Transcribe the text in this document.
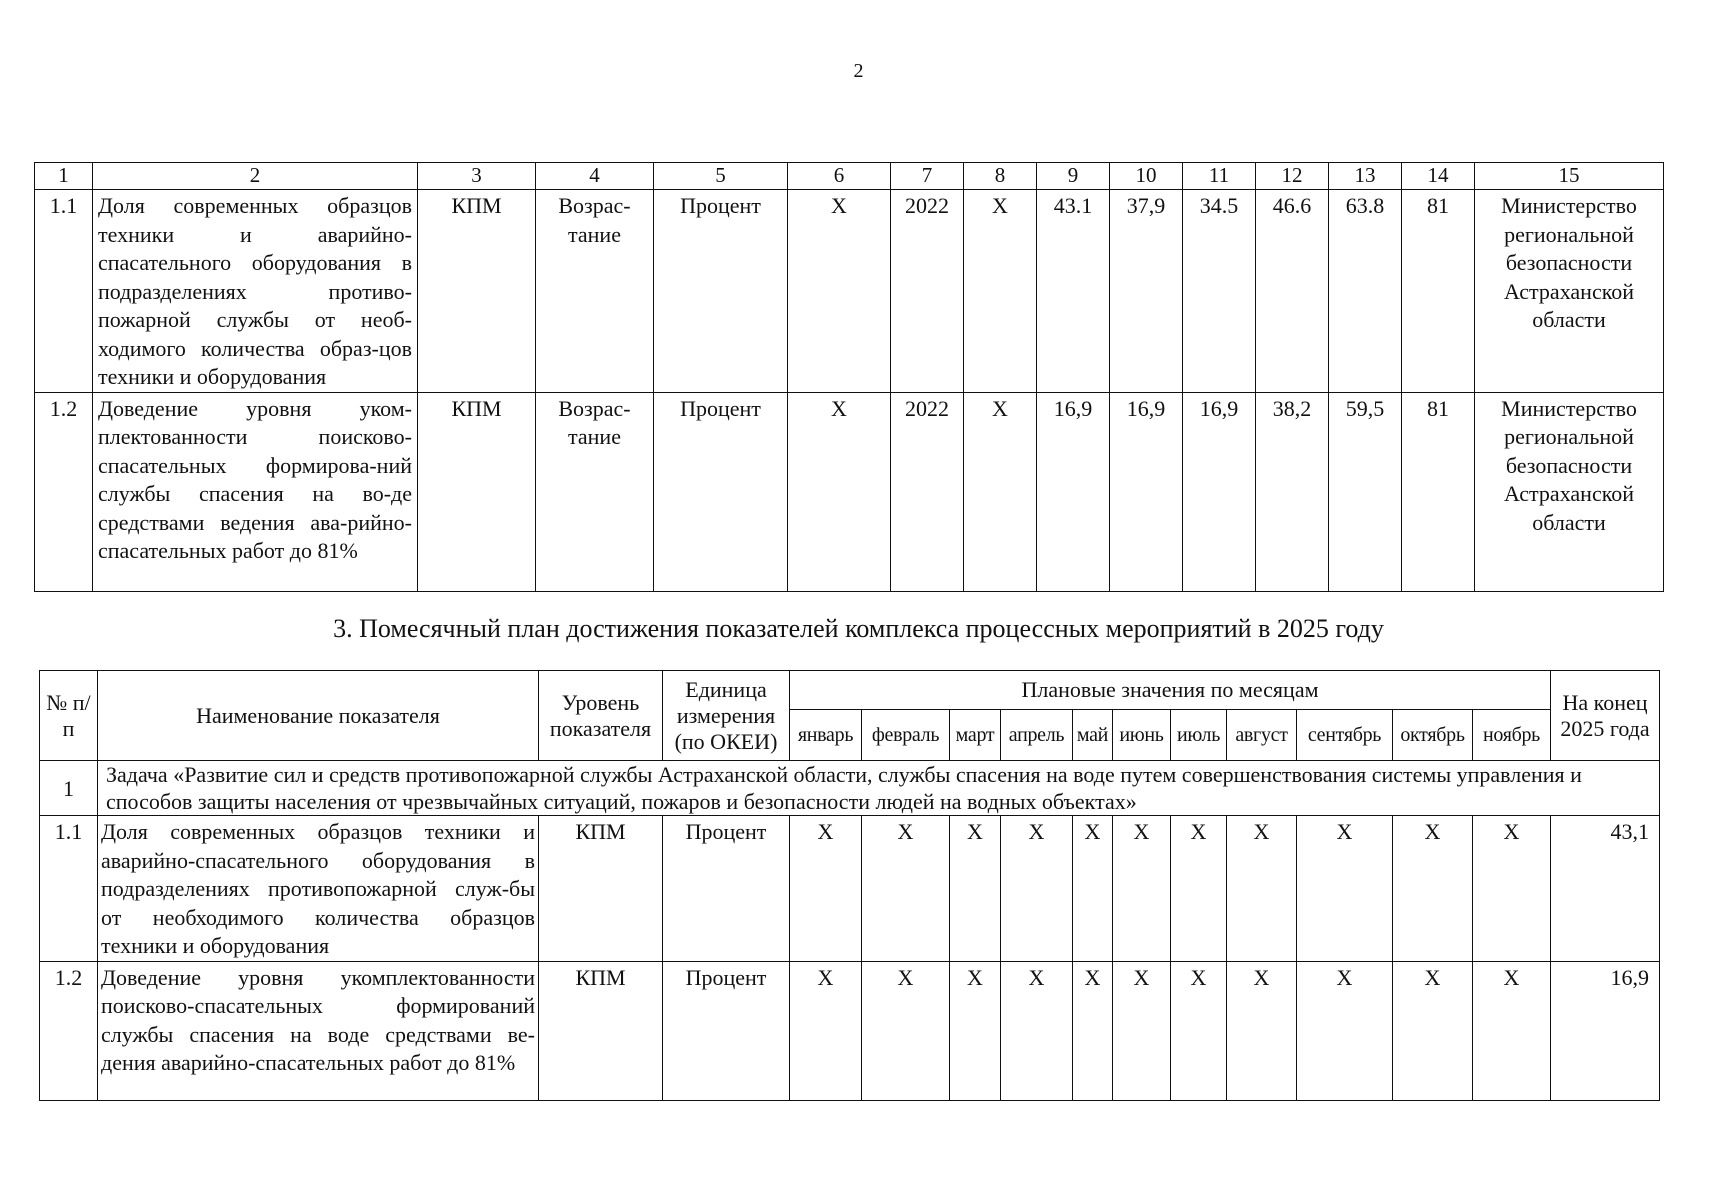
2
1	2	3	4	5	6	7	8	9	10	11	12	13	14	15
1.1	Доля современных образцов техники и аварийно-спасательного оборудования в подразделениях противо-пожарной службы от необ-ходимого количества образ-цов техники и оборудования	КПМ	Возрас-тание	Процент	Х	2022	Х	43.1	37,9	34.5	46.6	63.8	81	Министерство региональной безопасности Астраханской области
1.2	Доведение уровня уком-плектованности поисково-спасательных формирова-ний службы спасения на во-де средствами ведения ава-рийно-спасательных работ до 81%	КПМ	Возрас-тание	Процент	Х	2022	Х	16,9	16,9	16,9	38,2	59,5	81	Министерство региональной безопасности Астраханской области
3. Помесячный план достижения показателей комплекса процессных мероприятий в 2025 году
№ п/п	Наименование показателя	Уровень показателя	Единица измерения (по ОКЕИ)	Плановые значения по месяцам											На конец 2025 года
				январь	февраль	март	апрель	май	июнь	июль	август	сентябрь	октябрь	ноябрь	
1	Задача «Развитие сил и средств противопожарной службы Астраханской области, службы спасения на воде путем совершенствования системы управления и способов защиты населения от чрезвычайных ситуаций, пожаров и безопасности людей на водных объектах»														
1.1	Доля современных образцов техники и аварийно-спасательного оборудования в подразделениях противопожарной служ-бы от необходимого количества образцов техники и оборудования	КПМ	Процент	Х	Х	Х	Х	Х	Х	Х	Х	Х	Х	Х	43,1
1.2	Доведение уровня укомплектованности поисково-спасательных формирований службы спасения на воде средствами ве-дения аварийно-спасательных работ до 81%	КПМ	Процент	Х	Х	Х	Х	Х	Х	Х	Х	Х	Х	Х	16,9
